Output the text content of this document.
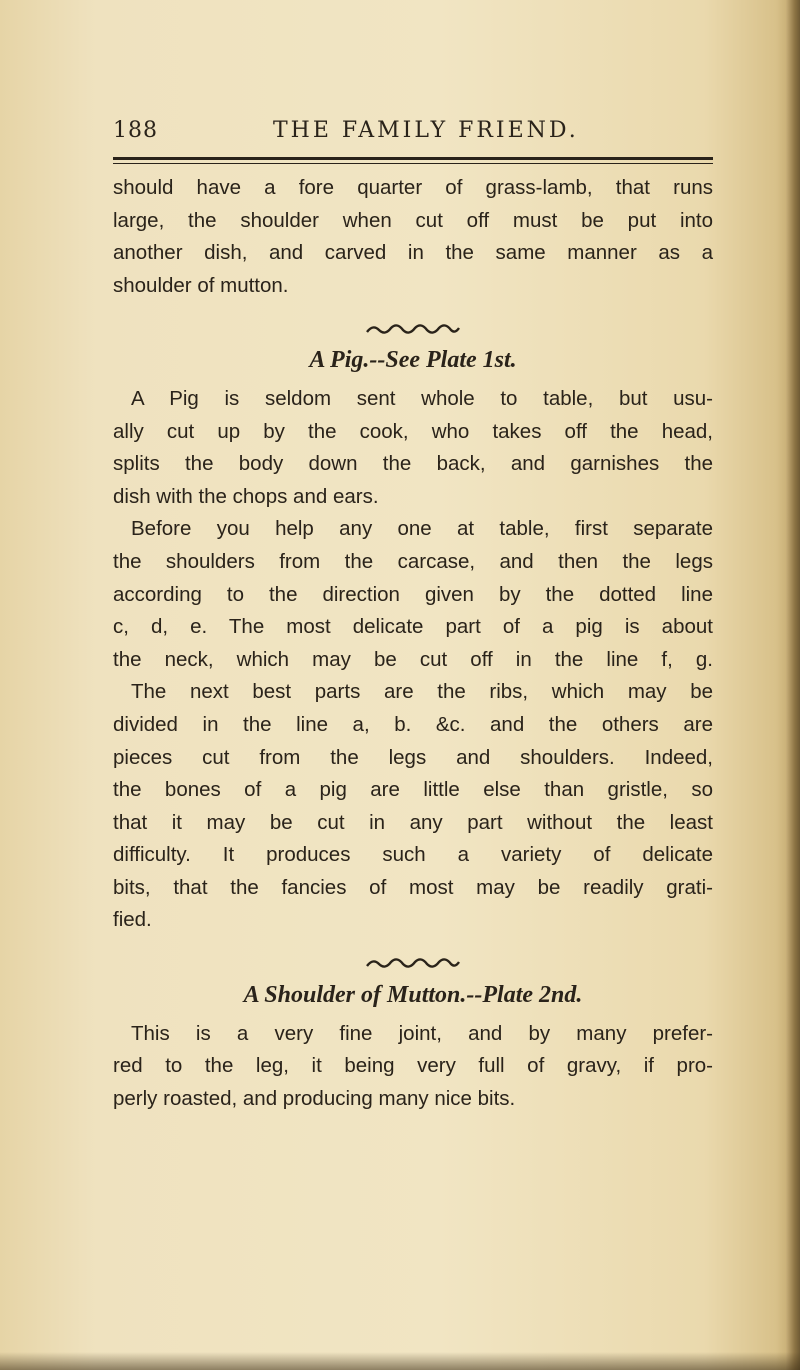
188	THE FAMILY FRIEND.

should have a fore quarter of grass-lamb, that runs

large, the shoulder when cut off must be put into

another dish, and carved in the same manner as a

shoulder of mutton.

A Pig.--See Plate 1st.

A Pig is seldom sent whole to table, but usu-

ally cut up by the cook, who takes off the head,

splits the body down the back, and garnishes the

dish with the chops and ears.

Before you help any one at table, first separate

the shoulders from the carcase, and then the legs

according to the direction given by the dotted line

c, d, e. The most delicate part of a pig is about

the neck, which may be cut off in the line f, g.

The next best parts are the ribs, which may be

divided in the line a, b. &c. and the others are

pieces cut from the legs and shoulders. Indeed,

the bones of a pig are little else than gristle, so

that it may be cut in any part without the least

difficulty. It produces such a variety of delicate

bits, that the fancies of most may be readily grati-

fied.

A Shoulder of Mutton.--Plate 2nd.

This is a very fine joint, and by many prefer-

red to the leg, it being very full of gravy, if pro-

perly roasted, and producing many nice bits.
